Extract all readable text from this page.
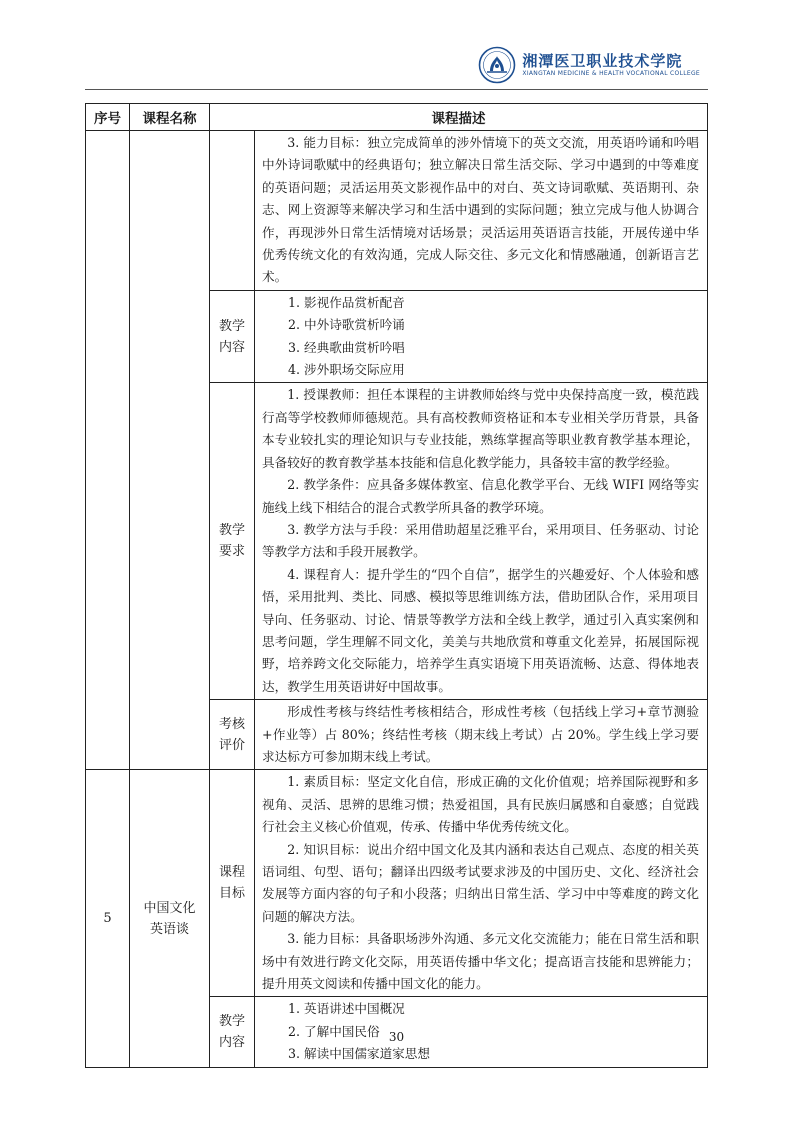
湘潭医卫职业技术学院
XIANGTAN MEDICINE & HEALTH VOCATIONAL COLLEGE
序号	课程名称	课程描述	

			3. 能力目标：独立完成简单的涉外情境下的英文交流，用英语吟诵和吟唱中外诗词歌赋中的经典语句；独立解决日常生活交际、学习中遇到的中等难度的英语问题；灵活运用英文影视作品中的对白、英文诗词歌赋、英语期刊、杂志、网上资源等来解决学习和生活中遇到的实际问题；独立完成与他人协调合作，再现涉外日常生活情境对话场景；灵活运用英语语言技能，开展传递中华优秀传统文化的有效沟通，完成人际交往、多元文化和情感融通，创新语言艺术。

		教学内容	1. 影视作品赏析配音

2. 中外诗歌赏析吟诵

3. 经典歌曲赏析吟唱

4. 涉外职场交际应用

		教学要求	1. 授课教师：担任本课程的主讲教师始终与党中央保持高度一致，模范践行高等学校教师师德规范。具有高校教师资格证和本专业相关学历背景，具备本专业较扎实的理论知识与专业技能，熟练掌握高等职业教育教学基本理论，具备较好的教育教学基本技能和信息化教学能力，具备较丰富的教学经验。

2. 教学条件：应具备多媒体教室、信息化教学平台、无线 WIFI 网络等实施线上线下相结合的混合式教学所具备的教学环境。

3. 教学方法与手段：采用借助超星泛雅平台，采用项目、任务驱动、讨论等教学方法和手段开展教学。

4. 课程育人：提升学生的“四个自信”，据学生的兴趣爱好、个人体验和感悟，采用批判、类比、同感、模拟等思维训练方法，借助团队合作，采用项目导向、任务驱动、讨论、情景等教学方法和全线上教学，通过引入真实案例和思考问题，学生理解不同文化，美美与共地欣赏和尊重文化差异，拓展国际视野，培养跨文化交际能力，培养学生真实语境下用英语流畅、达意、得体地表达，教学生用英语讲好中国故事。

		考核评价	形成性考核与终结性考核相结合，形成性考核（包括线上学习+章节测验+作业等）占 80%；终结性考核（期末线上考试）占 20%。学生线上学习要求达标方可参加期末线上考试。

5	中国文化英语谈	课程目标	1. 素质目标：坚定文化自信，形成正确的文化价值观；培养国际视野和多视角、灵活、思辨的思维习惯；热爱祖国，具有民族归属感和自豪感；自觉践行社会主义核心价值观，传承、传播中华优秀传统文化。

2. 知识目标：说出介绍中国文化及其内涵和表达自己观点、态度的相关英语词组、句型、语句；翻译出四级考试要求涉及的中国历史、文化、经济社会发展等方面内容的句子和小段落；归纳出日常生活、学习中中等难度的跨文化问题的解决方法。

3. 能力目标：具备职场涉外沟通、多元文化交流能力；能在日常生活和职场中有效进行跨文化交际，用英语传播中华文化；提高语言技能和思辨能力；提升用英文阅读和传播中国文化的能力。

		教学内容	1. 英语讲述中国概况

2. 了解中国民俗

3. 解读中国儒家道家思想

30
